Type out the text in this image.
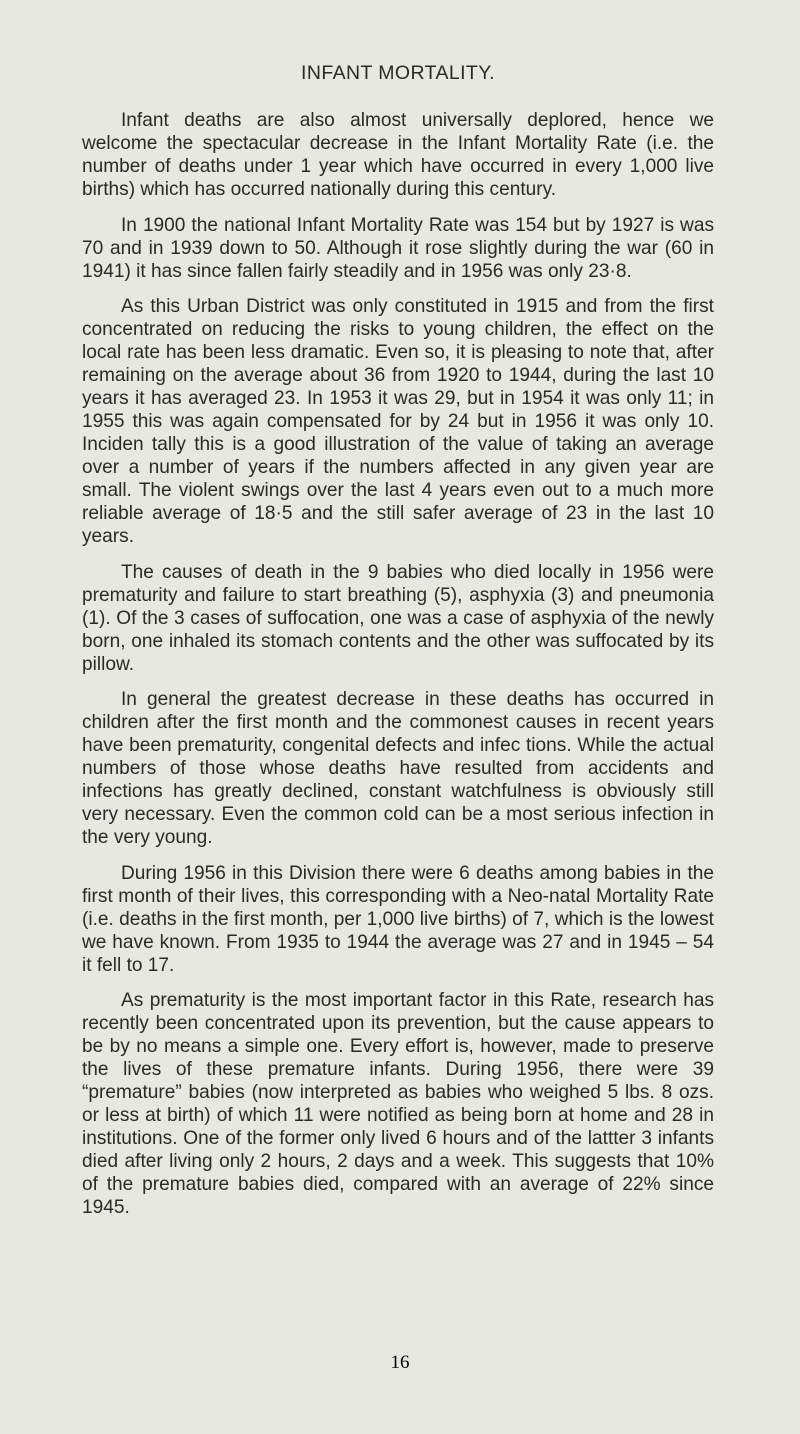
INFANT MORTALITY.

Infant deaths are also almost universally deplored, hence we welcome the spectacular decrease in the Infant Mortality Rate (i.e. the number of deaths under 1 year which have occurred in every 1,000 live births) which has occurred nationally during this century.

In 1900 the national Infant Mortality Rate was 154 but by 1927 is was 70 and in 1939 down to 50. Although it rose slightly during the war (60 in 1941) it has since fallen fairly steadily and in 1956 was only 23·8.

As this Urban District was only constituted in 1915 and from the first concentrated on reducing the risks to young children, the effect on the local rate has been less dramatic. Even so, it is pleasing to note that, after remaining on the average about 36 from 1920 to 1944, during the last 10 years it has averaged 23. In 1953 it was 29, but in 1954 it was only 11; in 1955 this was again compensated for by 24 but in 1956 it was only 10. Inciden tally this is a good illustration of the value of taking an average over a number of years if the numbers affected in any given year are small. The violent swings over the last 4 years even out to a much more reliable average of 18·5 and the still safer average of 23 in the last 10 years.

The causes of death in the 9 babies who died locally in 1956 were prematurity and failure to start breathing (5), asphyxia (3) and pneumonia (1). Of the 3 cases of suffocation, one was a case of asphyxia of the newly born, one inhaled its stomach contents and the other was suffocated by its pillow.

In general the greatest decrease in these deaths has occurred in children after the first month and the commonest causes in recent years have been prematurity, congenital defects and infec tions. While the actual numbers of those whose deaths have resulted from accidents and infections has greatly declined, constant watchfulness is obviously still very necessary. Even the common cold can be a most serious infection in the very young.

During 1956 in this Division there were 6 deaths among babies in the first month of their lives, this corresponding with a Neo-natal Mortality Rate (i.e. deaths in the first month, per 1,000 live births) of 7, which is the lowest we have known. From 1935 to 1944 the average was 27 and in 1945 – 54 it fell to 17.

As prematurity is the most important factor in this Rate, research has recently been concentrated upon its prevention, but the cause appears to be by no means a simple one. Every effort is, however, made to preserve the lives of these premature infants. During 1956, there were 39 “premature” babies (now interpreted as babies who weighed 5 lbs. 8 ozs. or less at birth) of which 11 were notified as being born at home and 28 in institutions. One of the former only lived 6 hours and of the lattter 3 infants died after living only 2 hours, 2 days and a week. This suggests that 10% of the premature babies died, compared with an average of 22% since 1945.

16
